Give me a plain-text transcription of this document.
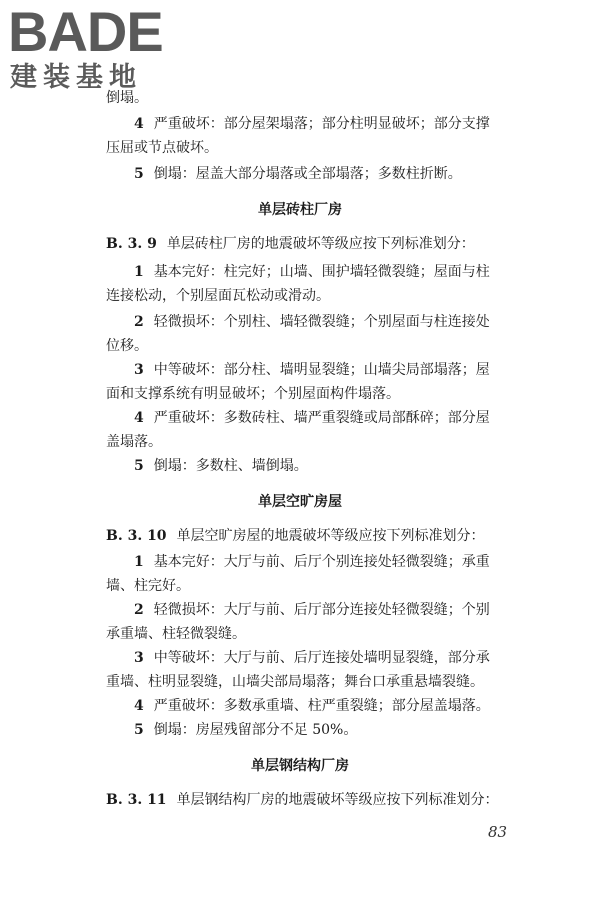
BADE
建装基地
倒塌。
4 严重破坏：部分屋架塌落；部分柱明显破坏；部分支撑
压屈或节点破坏。
5 倒塌：屋盖大部分塌落或全部塌落；多数柱折断。
单层砖柱厂房
B. 3. 9 单层砖柱厂房的地震破坏等级应按下列标准划分：
1 基本完好：柱完好；山墙、围护墙轻微裂缝；屋面与柱
连接松动，个别屋面瓦松动或滑动。
2 轻微损坏：个别柱、墙轻微裂缝；个别屋面与柱连接处
位移。
3 中等破坏：部分柱、墙明显裂缝；山墙尖局部塌落；屋
面和支撑系统有明显破坏；个别屋面构件塌落。
4 严重破坏：多数砖柱、墙严重裂缝或局部酥碎；部分屋
盖塌落。
5 倒塌：多数柱、墙倒塌。
单层空旷房屋
B. 3. 10 单层空旷房屋的地震破坏等级应按下列标准划分：
1 基本完好：大厅与前、后厅个别连接处轻微裂缝；承重
墙、柱完好。
2 轻微损坏：大厅与前、后厅部分连接处轻微裂缝；个别
承重墙、柱轻微裂缝。
3 中等破坏：大厅与前、后厅连接处墙明显裂缝，部分承
重墙、柱明显裂缝，山墙尖部局塌落；舞台口承重悬墙裂缝。
4 严重破坏：多数承重墙、柱严重裂缝；部分屋盖塌落。
5 倒塌：房屋残留部分不足 50%。
单层钢结构厂房
B. 3. 11 单层钢结构厂房的地震破坏等级应按下列标准划分：
83
